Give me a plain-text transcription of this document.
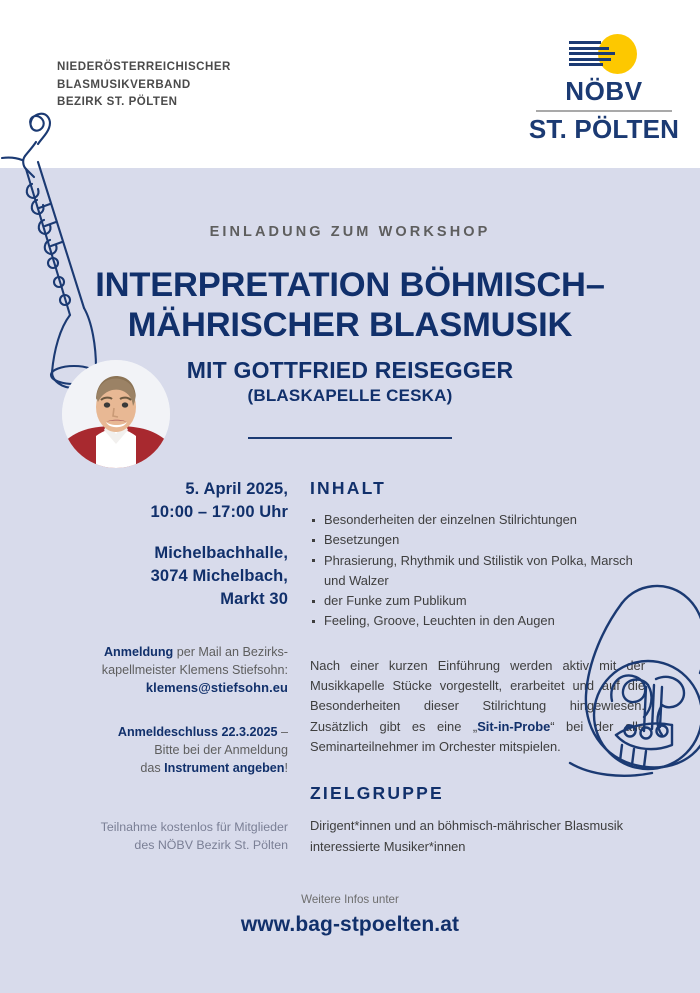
NIEDERÖSTERREICHISCHER
BLASMUSIKVERBAND
BEZIRK ST. PÖLTEN	NÖBV
ST. PÖLTEN
EINLADUNG ZUM WORKSHOP
INTERPRETATION BÖHMISCH–
MÄHRISCHER BLASMUSIK
MIT GOTTFRIED REISEGGER
(BLASKAPELLE CESKA)
5. April 2025,
10:00 – 17:00 Uhr
Michelbachhalle,
3074 Michelbach,
Markt 30
Anmeldung per Mail an Bezirks-
kapellmeister Klemens Stiefsohn:
klemens@stiefsohn.eu
Anmeldeschluss 22.3.2025 –
Bitte bei der Anmeldung
das Instrument angeben!
Teilnahme kostenlos für Mitglieder
des NÖBV Bezirk St. Pölten
INHALT
Besonderheiten der einzelnen Stilrichtungen
Besetzungen
Phrasierung, Rhythmik und Stilistik von Polka, Marsch und Walzer
der Funke zum Publikum
Feeling, Groove, Leuchten in den Augen
Nach einer kurzen Einführung werden aktiv mit der Musikkapelle Stücke vorgestellt, erarbeitet und auf die Besonderheiten dieser Stilrichtung hingewiesen. Zusätzlich gibt es eine „Sit-in-Probe“ bei der alle Seminarteilnehmer im Orchester mitspielen.
ZIELGRUPPE
Dirigent*innen und an böhmisch-mährischer Blasmusik interessierte Musiker*innen
Weitere Infos unter
www.bag-stpoelten.at
